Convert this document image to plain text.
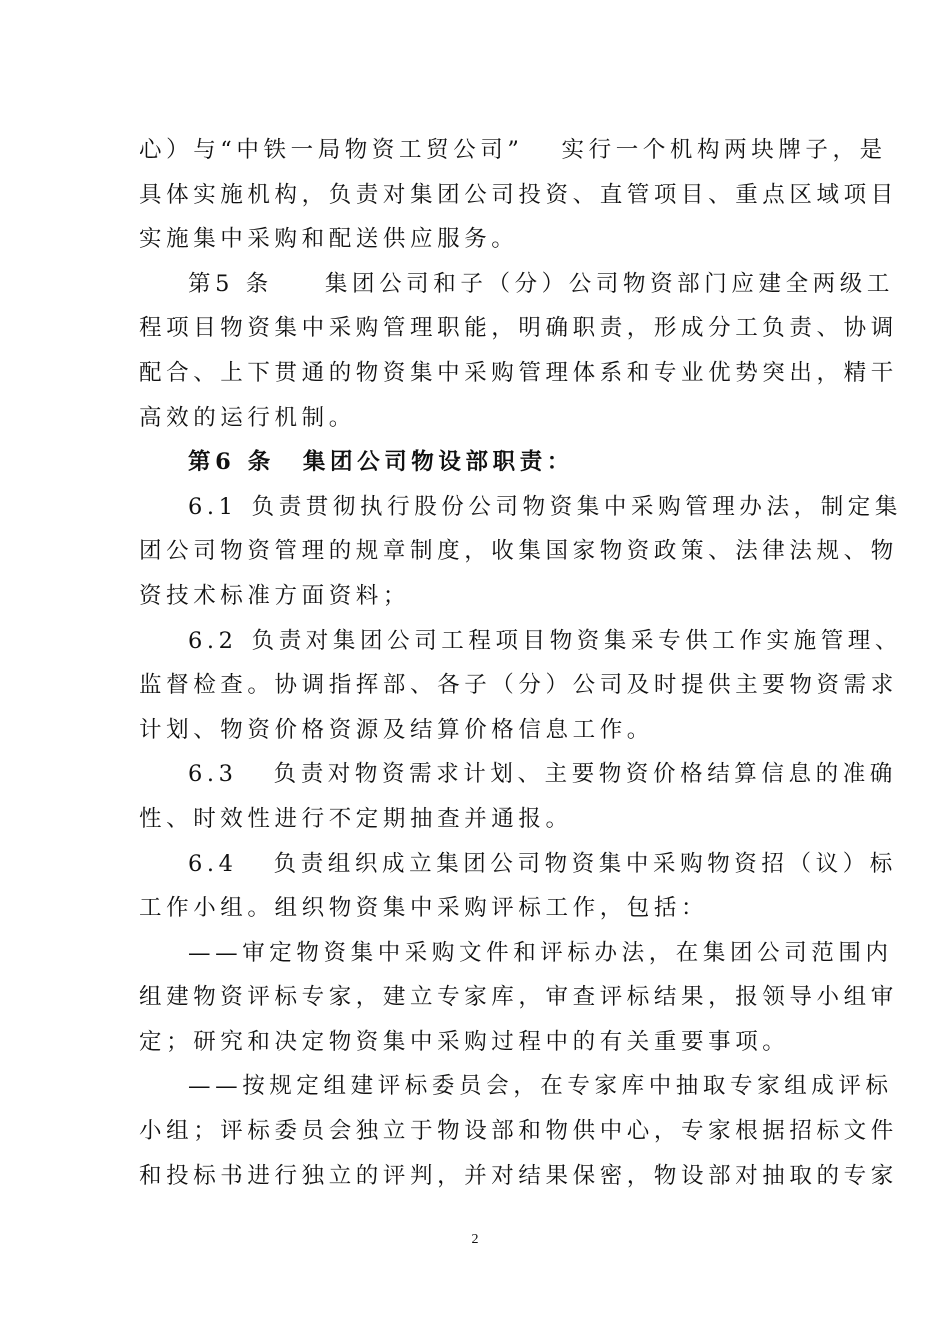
心）与“中铁一局物资工贸公司” 实行一个机构两块牌子，是
具体实施机构，负责对集团公司投资、直管项目、重点区域项目
实施集中采购和配送供应服务。
第5 条 集团公司和子（分）公司物资部门应建全两级工
程项目物资集中采购管理职能，明确职责，形成分工负责、协调
配合、上下贯通的物资集中采购管理体系和专业优势突出，精干
高效的运行机制。
第6 条 集团公司物设部职责：
6.1 负责贯彻执行股份公司物资集中采购管理办法，制定集
团公司物资管理的规章制度，收集国家物资政策、法律法规、物
资技术标准方面资料；
6.2 负责对集团公司工程项目物资集采专供工作实施管理、
监督检查。协调指挥部、各子（分）公司及时提供主要物资需求
计划、物资价格资源及结算价格信息工作。
6.3 负责对物资需求计划、主要物资价格结算信息的准确
性、时效性进行不定期抽查并通报。
6.4 负责组织成立集团公司物资集中采购物资招（议）标
工作小组。组织物资集中采购评标工作，包括：
——审定物资集中采购文件和评标办法，在集团公司范围内
组建物资评标专家，建立专家库，审查评标结果，报领导小组审
定；研究和决定物资集中采购过程中的有关重要事项。
——按规定组建评标委员会，在专家库中抽取专家组成评标
小组；评标委员会独立于物设部和物供中心，专家根据招标文件
和投标书进行独立的评判，并对结果保密，物设部对抽取的专家
2
